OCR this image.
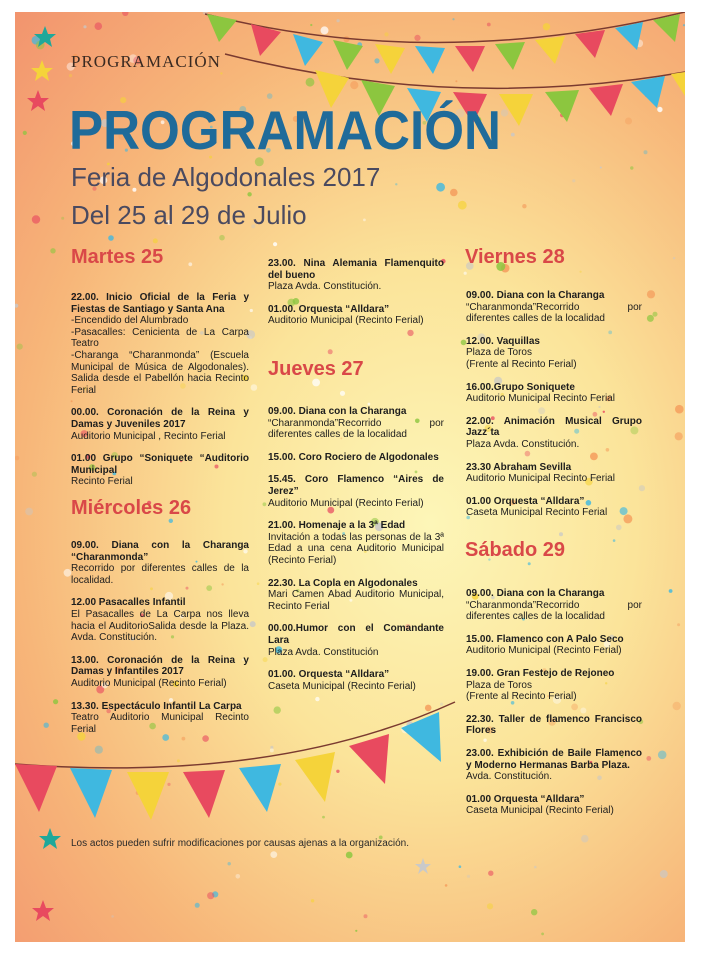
PROGRAMACIÓN
PROGRAMACIÓN
Feria de Algodonales 2017
Del 25 al 29 de Julio
Martes 25
22.00. Inicio Oficial de la Feria y Fiestas de Santiago y Santa Ana
-Encendido del Alumbrado
-Pasacalles: Cenicienta de La Carpa Teatro
-Charanga “Charanmonda” (Escuela Municipal de Música de Algodonales). Salida desde el Pabellón hacia Recinto Ferial
00.00. Coronación de la Reina y Damas y Juveniles 2017
Auditorio Municipal , Recinto Ferial
01.00 Grupo “Soniquete “Auditorio Municipal
Recinto Ferial
Miércoles 26
09.00. Diana con la Charanga “Charanmonda”
Recorrido por diferentes calles de la localidad.
12.00 Pasacalles Infantil
El Pasacalles de La Carpa nos lleva hacia el AuditorioSalida desde la Plaza. Avda. Constitución.
13.00. Coronación de la Reina y Damas y Infantiles 2017
Auditorio Municipal (Recinto Ferial)
13.30. Espectáculo Infantil La Carpa
Teatro Auditorio Municipal Recinto Ferial
23.00. Nina Alemania Flamenquito del bueno
Plaza Avda. Constitución.
01.00. Orquesta “Alldara”
Auditorio Municipal (Recinto Ferial)
Jueves 27
09.00. Diana con la Charanga
“Charanmonda”Recorrido por diferentes calles de la localidad
15.00. Coro Rociero de Algodonales
15.45. Coro Flamenco “Aires de Jerez”
Auditorio Municipal (Recinto Ferial)
21.00. Homenaje a la 3ª Edad
Invitación a todas las personas de la 3ª Edad a una cena Auditorio Municipal (Recinto Ferial)
22.30. La Copla en Algodonales
Mari Camen Abad Auditorio Municipal, Recinto Ferial
00.00.Humor con el Comandante Lara
Plaza Avda. Constitución
01.00. Orquesta “Alldara”
Caseta Municipal (Recinto Ferial)
Viernes 28
09.00. Diana con la Charanga
“Charanmonda”Recorrido por diferentes calles de la localidad
12.00. Vaquillas
Plaza de Toros
(Frente al Recinto Ferial)
16.00.Grupo Soniquete
Auditorio Municipal Recinto Ferial
22.00. Animación Musical Grupo Jazz´ta
Plaza Avda. Constitución.
23.30 Abraham Sevilla
Auditorio Municipal Recinto Ferial
01.00 Orquesta “Alldara”
Caseta Municipal Recinto Ferial
Sábado 29
09.00. Diana con la Charanga
“Charanmonda”Recorrido por diferentes calles de la localidad
15.00. Flamenco con A Palo Seco
Auditorio Municipal (Recinto Ferial)
19.00. Gran Festejo de Rejoneo
Plaza de Toros
(Frente al Recinto Ferial)
22.30. Taller de flamenco Francisco Flores
23.00. Exhibición de Baile Flamenco y Moderno Hermanas Barba Plaza.
Avda. Constitución.
01.00 Orquesta “Alldara”
Caseta Municipal (Recinto Ferial)
Los actos pueden sufrir modificaciones por causas ajenas a la organización.
